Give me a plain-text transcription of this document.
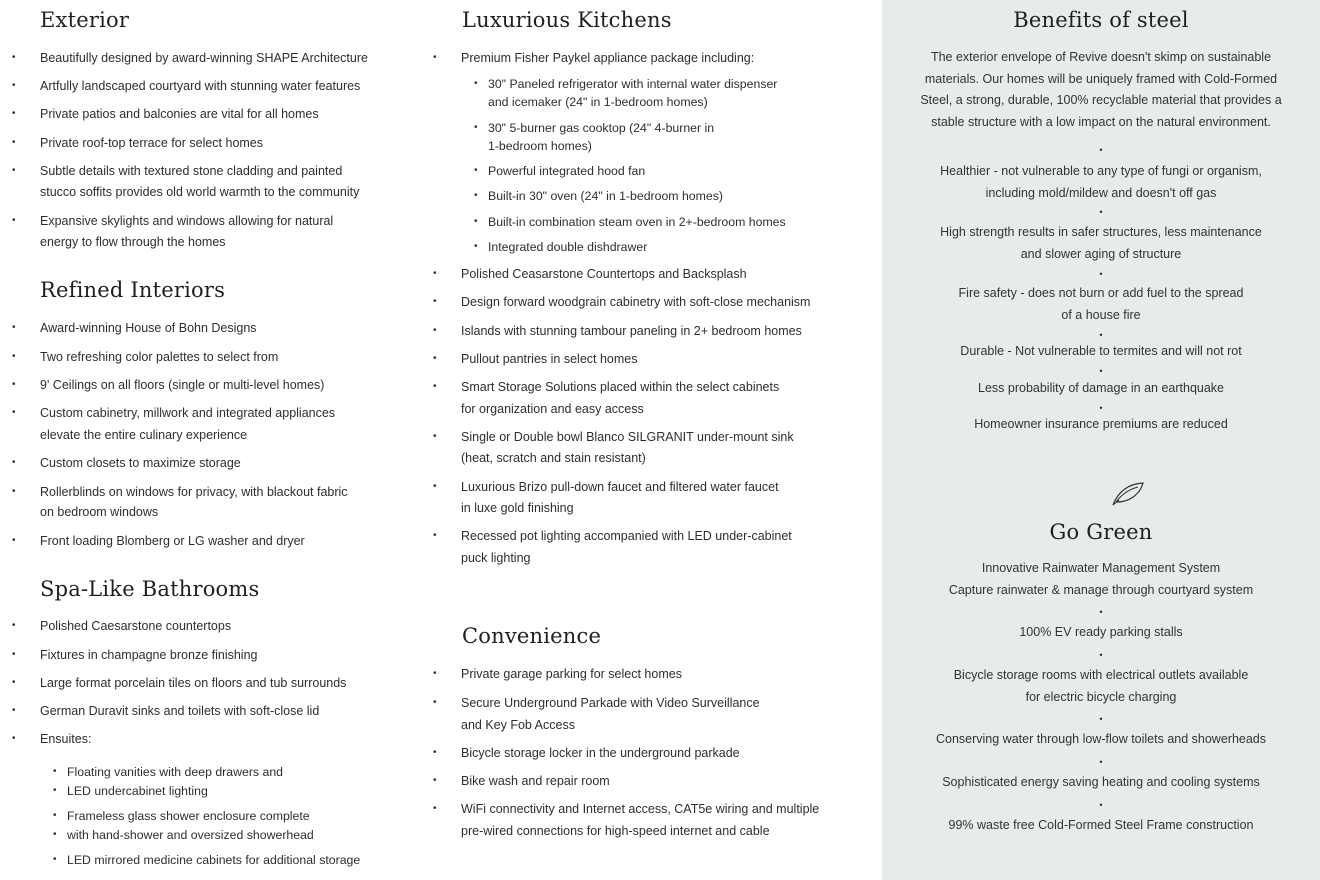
Exterior
• Beautifully designed by award-winning SHAPE Architecture
• Artfully landscaped courtyard with stunning water features
• Private patios and balconies are vital for all homes
• Private roof-top terrace for select homes
• Subtle details with textured stone cladding and painted
stucco soffits provides old world warmth to the community
• Expansive skylights and windows allowing for natural
energy to flow through the homes
Refined Interiors
• Award-winning House of Bohn Designs
• Two refreshing color palettes to select from
• 9' Ceilings on all floors (single or multi-level homes)
• Custom cabinetry, millwork and integrated appliances
elevate the entire culinary experience
• Custom closets to maximize storage
• Rollerblinds on windows for privacy, with blackout fabric
on bedroom windows
• Front loading Blomberg or LG washer and dryer
Spa-Like Bathrooms
• Polished Caesarstone countertops
• Fixtures in champagne bronze finishing
• Large format porcelain tiles on floors and tub surrounds
• German Duravit sinks and toilets with soft-close lid
• Ensuites:
• Floating vanities with deep drawers and
• LED undercabinet lighting
• Frameless glass shower enclosure complete
• with hand-shower and oversized showerhead
• LED mirrored medicine cabinets for additional storage
Luxurious Kitchens
• Premium Fisher Paykel appliance package including:
• 30" Paneled refrigerator with internal water dispenser
and icemaker (24" in 1-bedroom homes)
• 30" 5-burner gas cooktop (24" 4-burner in
1-bedroom homes)
• Powerful integrated hood fan
• Built-in 30" oven (24" in 1-bedroom homes)
• Built-in combination steam oven in 2+-bedroom homes
• Integrated double dishdrawer
• Polished Ceasarstone Countertops and Backsplash
• Design forward woodgrain cabinetry with soft-close mechanism
• Islands with stunning tambour paneling in 2+ bedroom homes
• Pullout pantries in select homes
• Smart Storage Solutions placed within the select cabinets
for organization and easy access
• Single or Double bowl Blanco SILGRANIT under-mount sink
(heat, scratch and stain resistant)
• Luxurious Brizo pull-down faucet and filtered water faucet
in luxe gold finishing
• Recessed pot lighting accompanied with LED under-cabinet
puck lighting
Convenience
• Private garage parking for select homes
• Secure Underground Parkade with Video Surveillance
and Key Fob Access
• Bicycle storage locker in the underground parkade
• Bike wash and repair room
• WiFi connectivity and Internet access, CAT5e wiring and multiple
pre-wired connections for high-speed internet and cable
Benefits of steel
The exterior envelope of Revive doesn't skimp on sustainable
materials. Our homes will be uniquely framed with Cold-Formed
Steel, a strong, durable, 100% recyclable material that provides a
stable structure with a low impact on the natural environment.
•
Healthier - not vulnerable to any type of fungi or organism,
including mold/mildew and doesn't off gas
•
High strength results in safer structures, less maintenance
and slower aging of structure
•
Fire safety - does not burn or add fuel to the spread
of a house fire
•
Durable - Not vulnerable to termites and will not rot
•
Less probability of damage in an earthquake
•
Homeowner insurance premiums are reduced
Go Green
Innovative Rainwater Management System
Capture rainwater & manage through courtyard system
•
100% EV ready parking stalls
•
Bicycle storage rooms with electrical outlets available
for electric bicycle charging
•
Conserving water through low-flow toilets and showerheads
•
Sophisticated energy saving heating and cooling systems
•
99% waste free Cold-Formed Steel Frame construction
